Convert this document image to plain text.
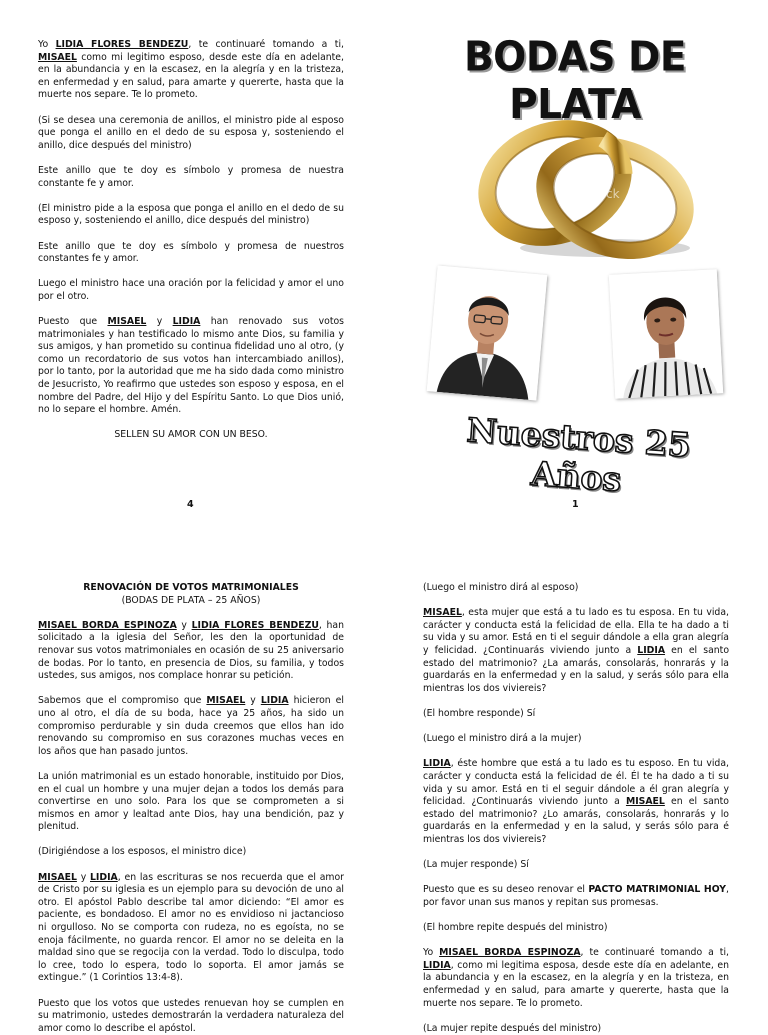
Yo LIDIA FLORES BENDEZU, te continuaré tomando a ti, MISAEL como mi legitimo esposo, desde este día en adelante, en la abundancia y en la escasez, en la alegría y en la tristeza, en enfermedad y en salud, para amarte y quererte, hasta que la muerte nos separe. Te lo prometo.

(Si se desea una ceremonia de anillos, el ministro pide al esposo que ponga el anillo en el dedo de su esposa y, sosteniendo el anillo, dice después del ministro)

Este anillo que te doy es símbolo y promesa de nuestra constante fe y amor.

(El ministro pide a la esposa que ponga el anillo en el dedo de su esposo y, sosteniendo el anillo, dice después del ministro)

Este anillo que te doy es símbolo y promesa de nuestros constantes fe y amor.

Luego el ministro hace una oración por la felicidad y amor el uno por el otro.

Puesto que MISAEL y LIDIA han renovado sus votos matrimoniales y han testificado lo mismo ante Dios, su familia y sus amigos, y han prometido su continua fidelidad uno al otro, (y como un recordatorio de sus votos han intercambiado anillos), por lo tanto, por la autoridad que me ha sido dada como ministro de Jesucristo, Yo reafirmo que ustedes son esposo y esposa, en el nombre del Padre, del Hijo y del Espíritu Santo. Lo que Dios unió, no lo separe el hombre. Amén.

SELLEN SU AMOR CON UN BESO.

4
BODAS DE PLATA
iStock
Nuestros 25 Años
1
RENOVACIÓN DE VOTOS MATRIMONIALES

(BODAS DE PLATA – 25 AÑOS)

MISAEL BORDA ESPINOZA y LIDIA FLORES BENDEZU, han solicitado a la iglesia del Señor, les den la oportunidad de renovar sus votos matrimoniales en ocasión de su 25 aniversario de bodas. Por lo tanto, en presencia de Dios, su familia, y todos ustedes, sus amigos, nos complace honrar su petición.

Sabemos que el compromiso que MISAEL y LIDIA hicieron el uno al otro, el día de su boda, hace ya 25 años, ha sido un compromiso perdurable y sin duda creemos que ellos han ido renovando su compromiso en sus corazones muchas veces en los años que han pasado juntos.

La unión matrimonial es un estado honorable, instituido por Dios, en el cual un hombre y una mujer dejan a todos los demás para convertirse en uno solo. Para los que se comprometen a si mismos en amor y lealtad ante Dios, hay una bendición, paz y plenitud.

(Dirigiéndose a los esposos, el ministro dice)

MISAEL y LIDIA, en las escrituras se nos recuerda que el amor de Cristo por su iglesia es un ejemplo para su devoción de uno al otro. El apóstol Pablo describe tal amor diciendo: “El amor es paciente, es bondadoso. El amor no es envidioso ni jactancioso ni orgulloso. No se comporta con rudeza, no es egoísta, no se enoja fácilmente, no guarda rencor. El amor no se deleita en la maldad sino que se regocija con la verdad. Todo lo disculpa, todo lo cree, todo lo espera, todo lo soporta. El amor jamás se extingue.” (1 Corintios 13:4-8).

Puesto que los votos que ustedes renuevan hoy se cumplen en su matrimonio, ustedes demostrarán la verdadera naturaleza del amor como lo describe el apóstol.

(Luego el ministro dirá al esposo)

MISAEL, esta mujer que está a tu lado es tu esposa. En tu vida, carácter y conducta está la felicidad de ella. Ella te ha dado a ti su vida y su amor. Está en ti el seguir dándole a ella gran alegría y felicidad. ¿Continuarás viviendo junto a LIDIA en el santo estado del matrimonio? ¿La amarás, consolarás, honrarás y la guardarás en la enfermedad y en la salud, y serás sólo para ella mientras los dos viviereis?

(El hombre responde) Sí

(Luego el ministro dirá a la mujer)

LIDIA, éste hombre que está a tu lado es tu esposo. En tu vida, carácter y conducta está la felicidad de él. Él te ha dado a ti su vida y su amor. Está en ti el seguir dándole a él gran alegría y felicidad. ¿Continuarás viviendo junto a MISAEL en el santo estado del matrimonio? ¿Lo amarás, consolarás, honrarás y lo guardarás en la enfermedad y en la salud, y serás sólo para é mientras los dos viviereis?

(La mujer responde) Sí

Puesto que es su deseo renovar el PACTO MATRIMONIAL HOY, por favor unan sus manos y repitan sus promesas.

(El hombre repite después del ministro)

Yo MISAEL BORDA ESPINOZA, te continuaré tomando a ti, LIDIA, como mi legitima esposa, desde este día en adelante, en la abundancia y en la escasez, en la alegría y en la tristeza, en enfermedad y en salud, para amarte y quererte, hasta que la muerte nos separe. Te lo prometo.

(La mujer repite después del ministro)
